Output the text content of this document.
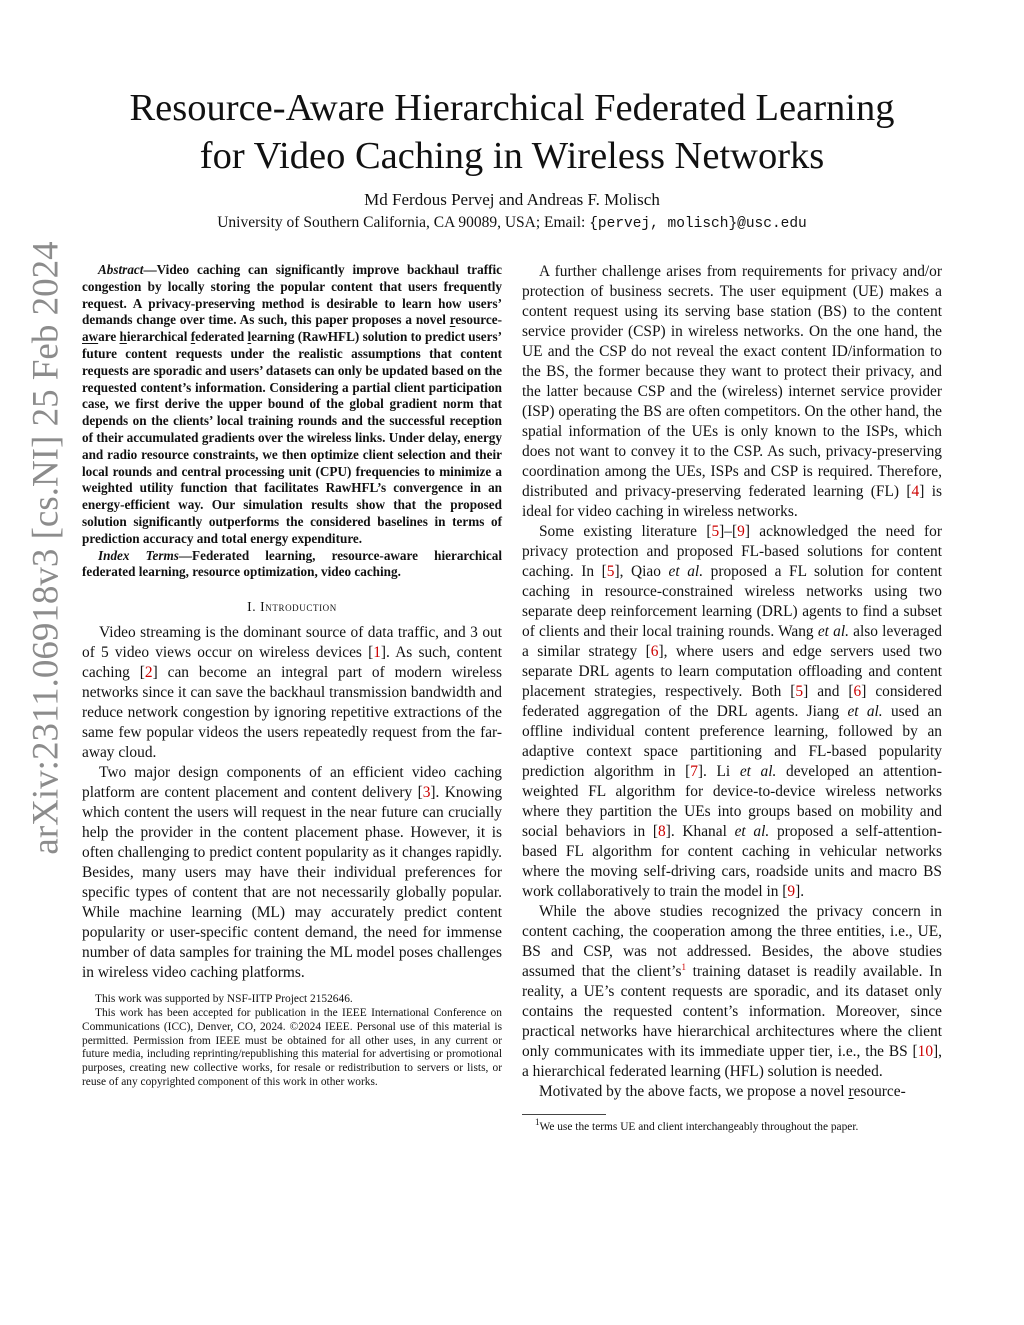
arXiv:2311.06918v3 [cs.NI] 25 Feb 2024
Resource-Aware Hierarchical Federated Learning
for Video Caching in Wireless Networks
Md Ferdous Pervej and Andreas F. Molisch
University of Southern California, CA 90089, USA; Email: {pervej, molisch}@usc.edu

Abstract—Video caching can significantly improve backhaul traffic congestion by locally storing the popular content that users frequently request. A privacy-preserving method is desirable to learn how users’ demands change over time. As such, this paper proposes a novel resource-aware hierarchical federated learning (RawHFL) solution to predict users’ future content requests under the realistic assumptions that content requests are sporadic and users’ datasets can only be updated based on the requested content’s information. Considering a partial client participation case, we first derive the upper bound of the global gradient norm that depends on the clients’ local training rounds and the successful reception of their accumulated gradients over the wireless links. Under delay, energy and radio resource constraints, we then optimize client selection and their local rounds and central processing unit (CPU) frequencies to minimize a weighted utility function that facilitates RawHFL’s convergence in an energy-efficient way. Our simulation results show that the proposed solution significantly outperforms the considered baselines in terms of prediction accuracy and total energy expenditure.

Index Terms—Federated learning, resource-aware hierarchical federated learning, resource optimization, video caching.

I. Introduction

Video streaming is the dominant source of data traffic, and 3 out of 5 video views occur on wireless devices [1]. As such, content caching [2] can become an integral part of modern wireless networks since it can save the backhaul transmission bandwidth and reduce network congestion by ignoring repetitive extractions of the same few popular videos the users repeatedly request from the far-away cloud.

Two major design components of an efficient video caching platform are content placement and content delivery [3]. Knowing which content the users will request in the near future can crucially help the provider in the content placement phase. However, it is often challenging to predict content popularity as it changes rapidly. Besides, many users may have their individual preferences for specific types of content that are not necessarily globally popular. While machine learning (ML) may accurately predict content popularity or user-specific content demand, the need for immense number of data samples for training the ML model poses challenges in wireless video caching platforms.

This work was supported by NSF-IITP Project 2152646.

This work has been accepted for publication in the IEEE International Conference on Communications (ICC), Denver, CO, 2024. ©2024 IEEE. Personal use of this material is permitted. Permission from IEEE must be obtained for all other uses, in any current or future media, including reprinting/republishing this material for advertising or promotional purposes, creating new collective works, for resale or redistribution to servers or lists, or reuse of any copyrighted component of this work in other works.

A further challenge arises from requirements for privacy and/or protection of business secrets. The user equipment (UE) makes a content request using its serving base station (BS) to the content service provider (CSP) in wireless networks. On the one hand, the UE and the CSP do not reveal the exact content ID/information to the BS, the former because they want to protect their privacy, and the latter because CSP and the (wireless) internet service provider (ISP) operating the BS are often competitors. On the other hand, the spatial information of the UEs is only known to the ISPs, which does not want to convey it to the CSP. As such, privacy-preserving coordination among the UEs, ISPs and CSP is required. Therefore, distributed and privacy-preserving federated learning (FL) [4] is ideal for video caching in wireless networks.

Some existing literature [5]–[9] acknowledged the need for privacy protection and proposed FL-based solutions for content caching. In [5], Qiao et al. proposed a FL solution for content caching in resource-constrained wireless networks using two separate deep reinforcement learning (DRL) agents to find a subset of clients and their local training rounds. Wang et al. also leveraged a similar strategy [6], where users and edge servers used two separate DRL agents to learn computation offloading and content placement strategies, respectively. Both [5] and [6] considered federated aggregation of the DRL agents. Jiang et al. used an offline individual content preference learning, followed by an adaptive context space partitioning and FL-based popularity prediction algorithm in [7]. Li et al. developed an attention-weighted FL algorithm for device-to-device wireless networks where they partition the UEs into groups based on mobility and social behaviors in [8]. Khanal et al. proposed a self-attention-based FL algorithm for content caching in vehicular networks where the moving self-driving cars, roadside units and macro BS work collaboratively to train the model in [9].

While the above studies recognized the privacy concern in content caching, the cooperation among the three entities, i.e., UE, BS and CSP, was not addressed. Besides, the above studies assumed that the $client’s^1$ training dataset is readily available. In reality, a UE’s content requests are sporadic, and its dataset only contains the requested content’s information. Moreover, since practical networks have hierarchical architectures where the client only communicates with its immediate upper tier, i.e., the BS [10], a hierarchical federated learning (HFL) solution is needed.

Motivated by the above facts, we propose a novel resource-

$^1$We use the terms UE and client interchangeably throughout the paper.
